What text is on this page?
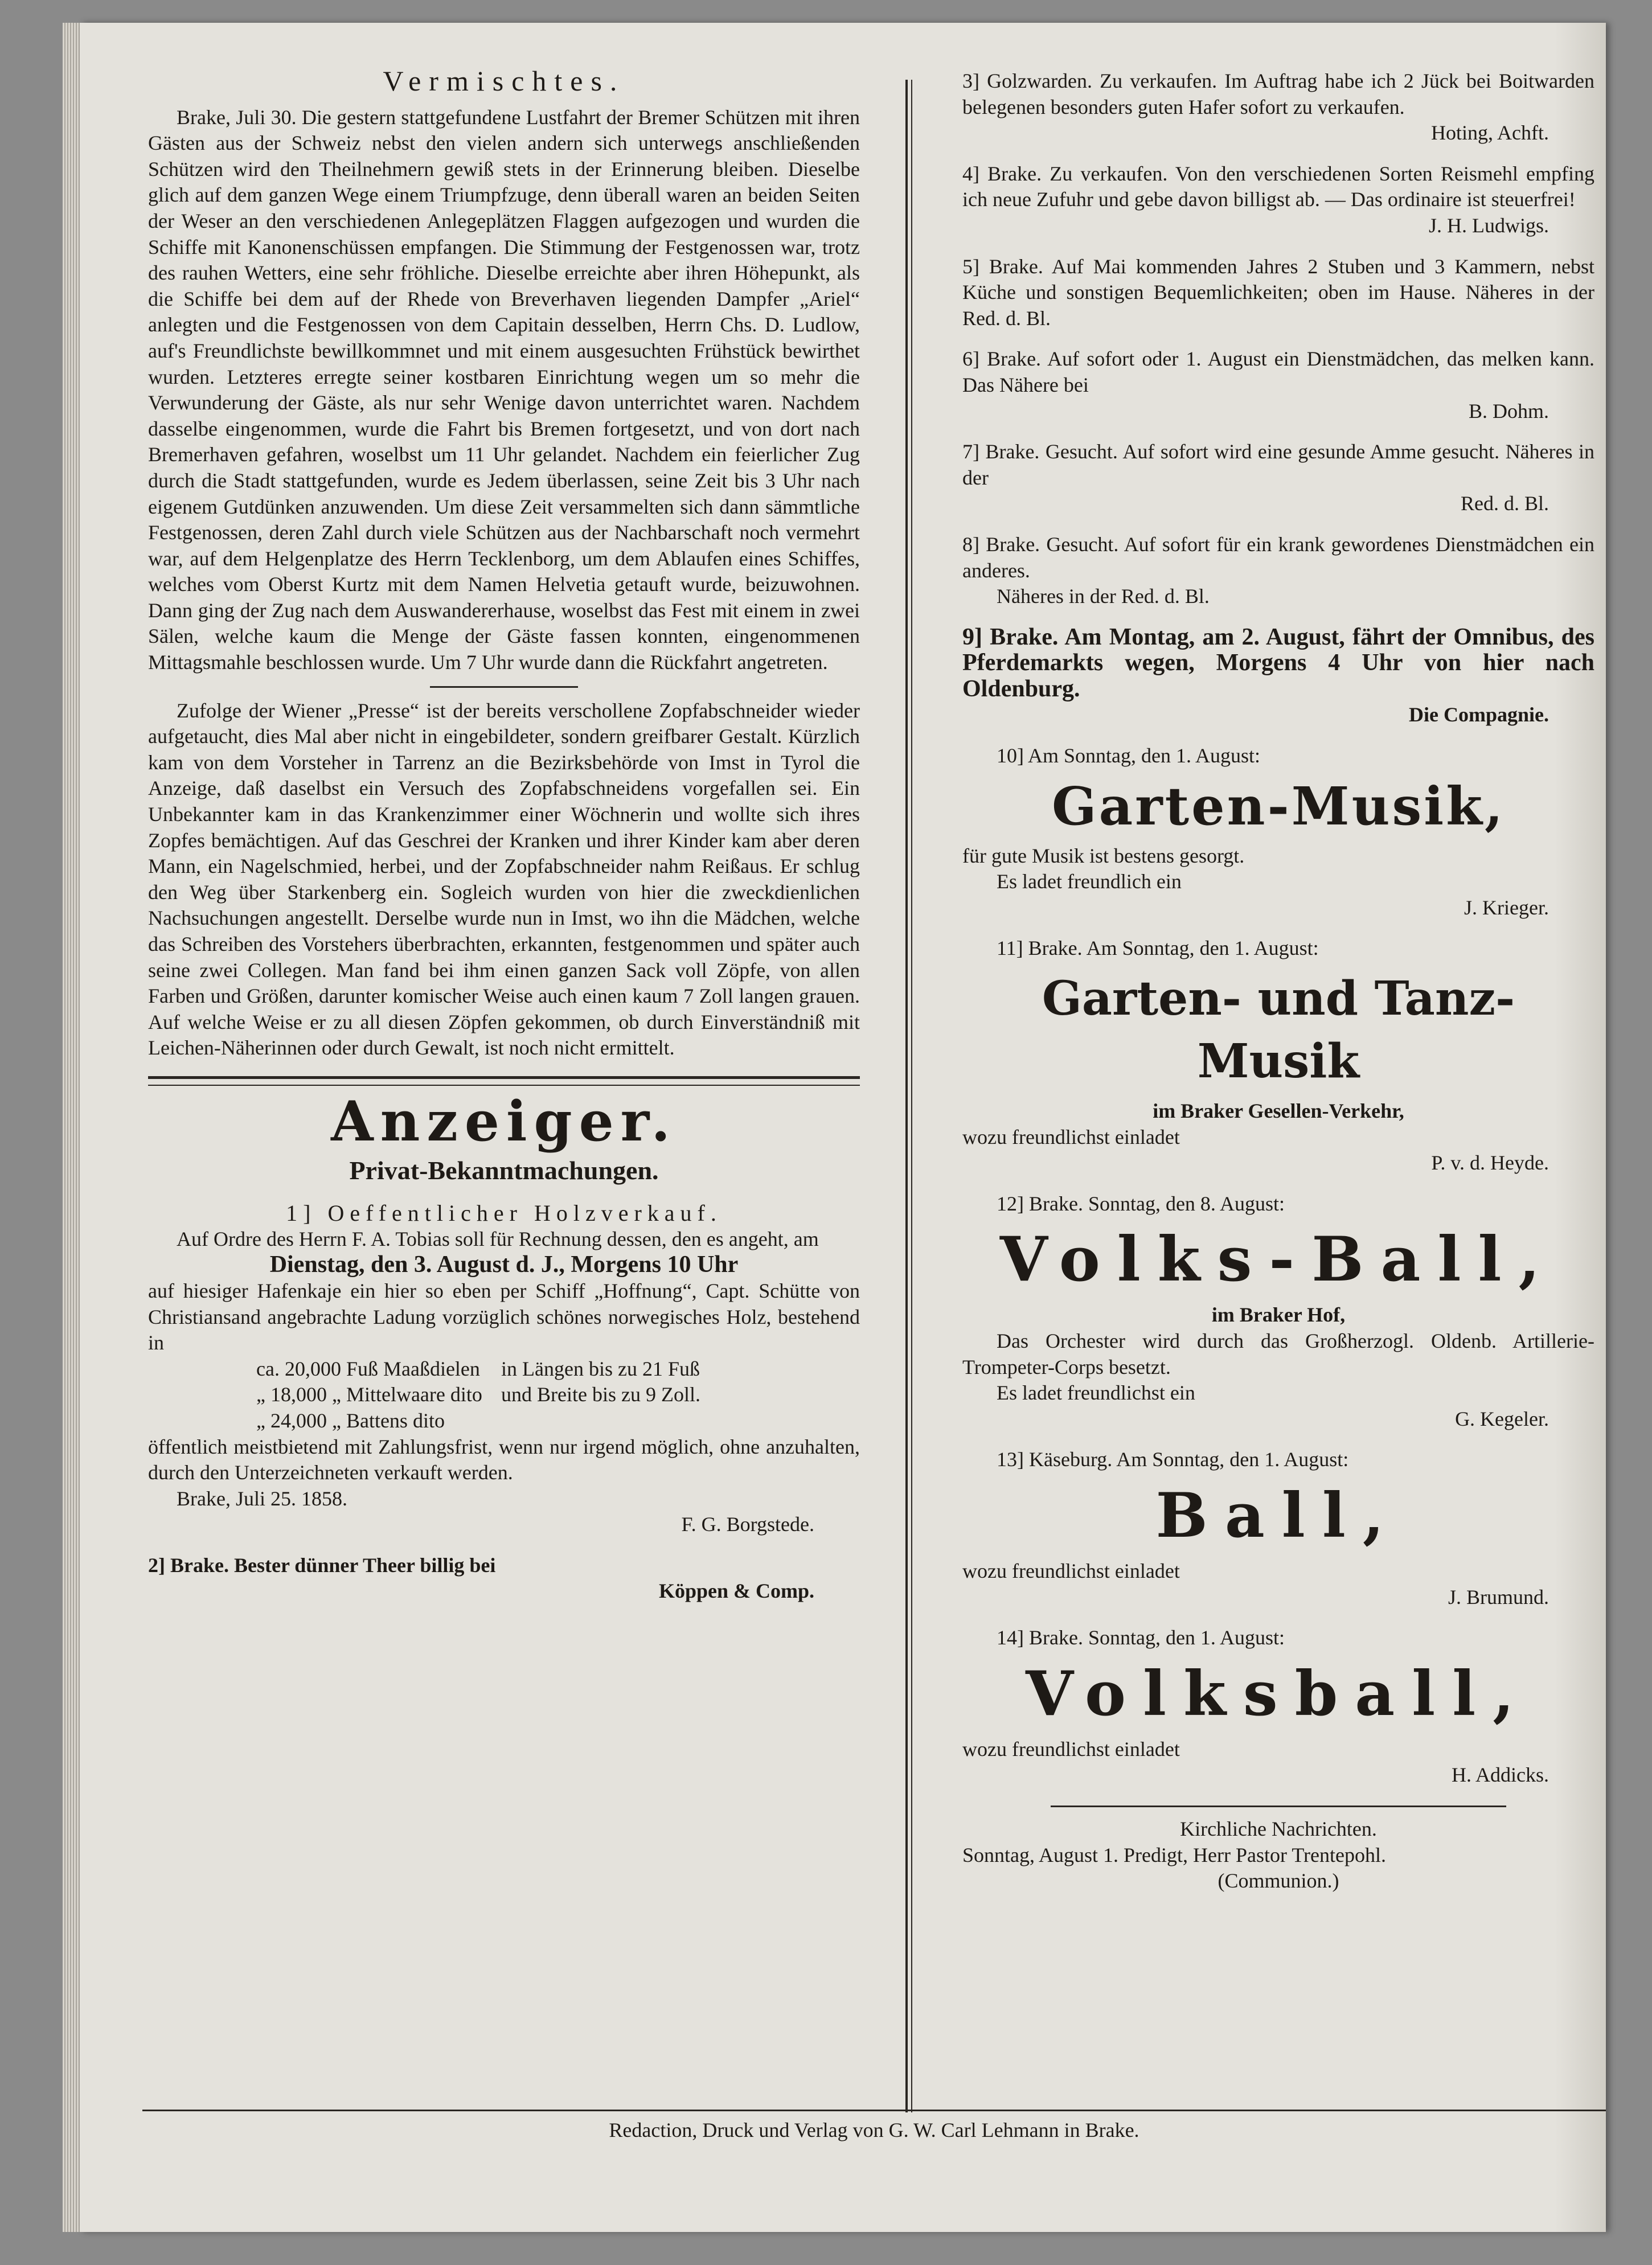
Vermischtes.

Brake, Juli 30. Die gestern stattgefundene Lustfahrt der Bremer Schützen mit ihren Gästen aus der Schweiz nebst den vielen andern sich unterwegs anschließenden Schützen wird den Theilnehmern gewiß stets in der Erinnerung bleiben. Dieselbe glich auf dem ganzen Wege einem Triumpfzuge, denn überall waren an beiden Seiten der Weser an den verschiedenen Anlegeplätzen Flaggen aufgezogen und wurden die Schiffe mit Kanonenschüssen empfangen. Die Stimmung der Festgenossen war, trotz des rauhen Wetters, eine sehr fröhliche. Dieselbe erreichte aber ihren Höhepunkt, als die Schiffe bei dem auf der Rhede von Breverhaven liegenden Dampfer „Ariel“ anlegten und die Festgenossen von dem Capitain desselben, Herrn Chs. D. Ludlow, auf's Freundlichste bewillkommnet und mit einem ausgesuchten Frühstück bewirthet wurden. Letzteres erregte seiner kostbaren Einrichtung wegen um so mehr die Verwunderung der Gäste, als nur sehr Wenige davon unterrichtet waren. Nachdem dasselbe eingenommen, wurde die Fahrt bis Bremen fortgesetzt, und von dort nach Bremerhaven gefahren, woselbst um 11 Uhr gelandet. Nachdem ein feierlicher Zug durch die Stadt stattgefunden, wurde es Jedem überlassen, seine Zeit bis 3 Uhr nach eigenem Gutdünken anzuwenden. Um diese Zeit versammelten sich dann sämmtliche Festgenossen, deren Zahl durch viele Schützen aus der Nachbarschaft noch vermehrt war, auf dem Helgenplatze des Herrn Tecklenborg, um dem Ablaufen eines Schiffes, welches vom Oberst Kurtz mit dem Namen Helvetia getauft wurde, beizuwohnen. Dann ging der Zug nach dem Auswandererhause, woselbst das Fest mit einem in zwei Sälen, welche kaum die Menge der Gäste fassen konnten, eingenommenen Mittagsmahle beschlossen wurde. Um 7 Uhr wurde dann die Rückfahrt angetreten.

Zufolge der Wiener „Presse“ ist der bereits verschollene Zopfabschneider wieder aufgetaucht, dies Mal aber nicht in eingebildeter, sondern greifbarer Gestalt. Kürzlich kam von dem Vorsteher in Tarrenz an die Bezirksbehörde von Imst in Tyrol die Anzeige, daß daselbst ein Versuch des Zopfabschneidens vorgefallen sei. Ein Unbekannter kam in das Krankenzimmer einer Wöchnerin und wollte sich ihres Zopfes bemächtigen. Auf das Geschrei der Kranken und ihrer Kinder kam aber deren Mann, ein Nagelschmied, herbei, und der Zopfabschneider nahm Reißaus. Er schlug den Weg über Starkenberg ein. Sogleich wurden von hier die zweckdienlichen Nachsuchungen angestellt. Derselbe wurde nun in Imst, wo ihn die Mädchen, welche das Schreiben des Vorstehers überbrachten, erkannten, festgenommen und später auch seine zwei Collegen. Man fand bei ihm einen ganzen Sack voll Zöpfe, von allen Farben und Größen, darunter komischer Weise auch einen kaum 7 Zoll langen grauen. Auf welche Weise er zu all diesen Zöpfen gekommen, ob durch Einverständniß mit Leichen-Näherinnen oder durch Gewalt, ist noch nicht ermittelt.

Anzeiger.

Privat-Bekanntmachungen.

1] Oeffentlicher Holzverkauf.

Auf Ordre des Herrn F. A. Tobias soll für Rechnung dessen, den es angeht, am

Dienstag, den 3. August d. J., Morgens 10 Uhr

auf hiesiger Hafenkaje ein hier so eben per Schiff „Hoffnung“, Capt. Schütte von Christiansand angebrachte Ladung vorzüglich schönes norwegisches Holz, bestehend in

ca. 20,000 Fuß Maaßdielen	in Längen bis zu 21 Fuß
„ 18,000 „ Mittelwaare dito und Breite bis zu 9 Zoll.
„ 24,000 „ Battens dito

öffentlich meistbietend mit Zahlungsfrist, wenn nur irgend möglich, ohne anzuhalten, durch den Unterzeichneten verkauft werden.

Brake, Juli 25. 1858.

F. G. Borgstede.

2] Brake. Bester dünner Theer billig bei

Köppen & Comp.

3] Golzwarden. Zu verkaufen. Im Auftrag habe ich 2 Jück bei Boitwarden belegenen besonders guten Hafer sofort zu verkaufen.

Hoting, Achft.

4] Brake. Zu verkaufen. Von den verschiedenen Sorten Reismehl empfing ich neue Zufuhr und gebe davon billigst ab. — Das ordinaire ist steuerfrei!

J. H. Ludwigs.

5] Brake. Auf Mai kommenden Jahres 2 Stuben und 3 Kammern, nebst Küche und sonstigen Bequemlichkeiten; oben im Hause. Näheres in der Red. d. Bl.

6] Brake. Auf sofort oder 1. August ein Dienstmädchen, das melken kann. Das Nähere bei

B. Dohm.

7] Brake. Gesucht. Auf sofort wird eine gesunde Amme gesucht. Näheres in der

Red. d. Bl.

8] Brake. Gesucht. Auf sofort für ein krank gewordenes Dienstmädchen ein anderes.

Näheres in der Red. d. Bl.

9] Brake. Am Montag, am 2. August, fährt der Omnibus, des Pferdemarkts wegen, Morgens 4 Uhr von hier nach Oldenburg.

Die Compagnie.

10] Am Sonntag, den 1. August:

Garten-Musik,

für gute Musik ist bestens gesorgt.

Es ladet freundlich ein

J. Krieger.

11] Brake. Am Sonntag, den 1. August:

Garten- und Tanz-Musik

im Braker Gesellen-Verkehr,

wozu freundlichst einladet

P. v. d. Heyde.

12] Brake. Sonntag, den 8. August:

Volks-Ball,

im Braker Hof,

Das Orchester wird durch das Großherzogl. Oldenb. Artillerie-Trompeter-Corps besetzt.

Es ladet freundlichst ein

G. Kegeler.

13] Käseburg. Am Sonntag, den 1. August:

Ball,

wozu freundlichst einladet

J. Brumund.

14] Brake. Sonntag, den 1. August:

Volksball,

wozu freundlichst einladet

H. Addicks.

Kirchliche Nachrichten.

Sonntag, August 1. Predigt, Herr Pastor Trentepohl.

(Communion.)

Redaction, Druck und Verlag von G. W. Carl Lehmann in Brake.
